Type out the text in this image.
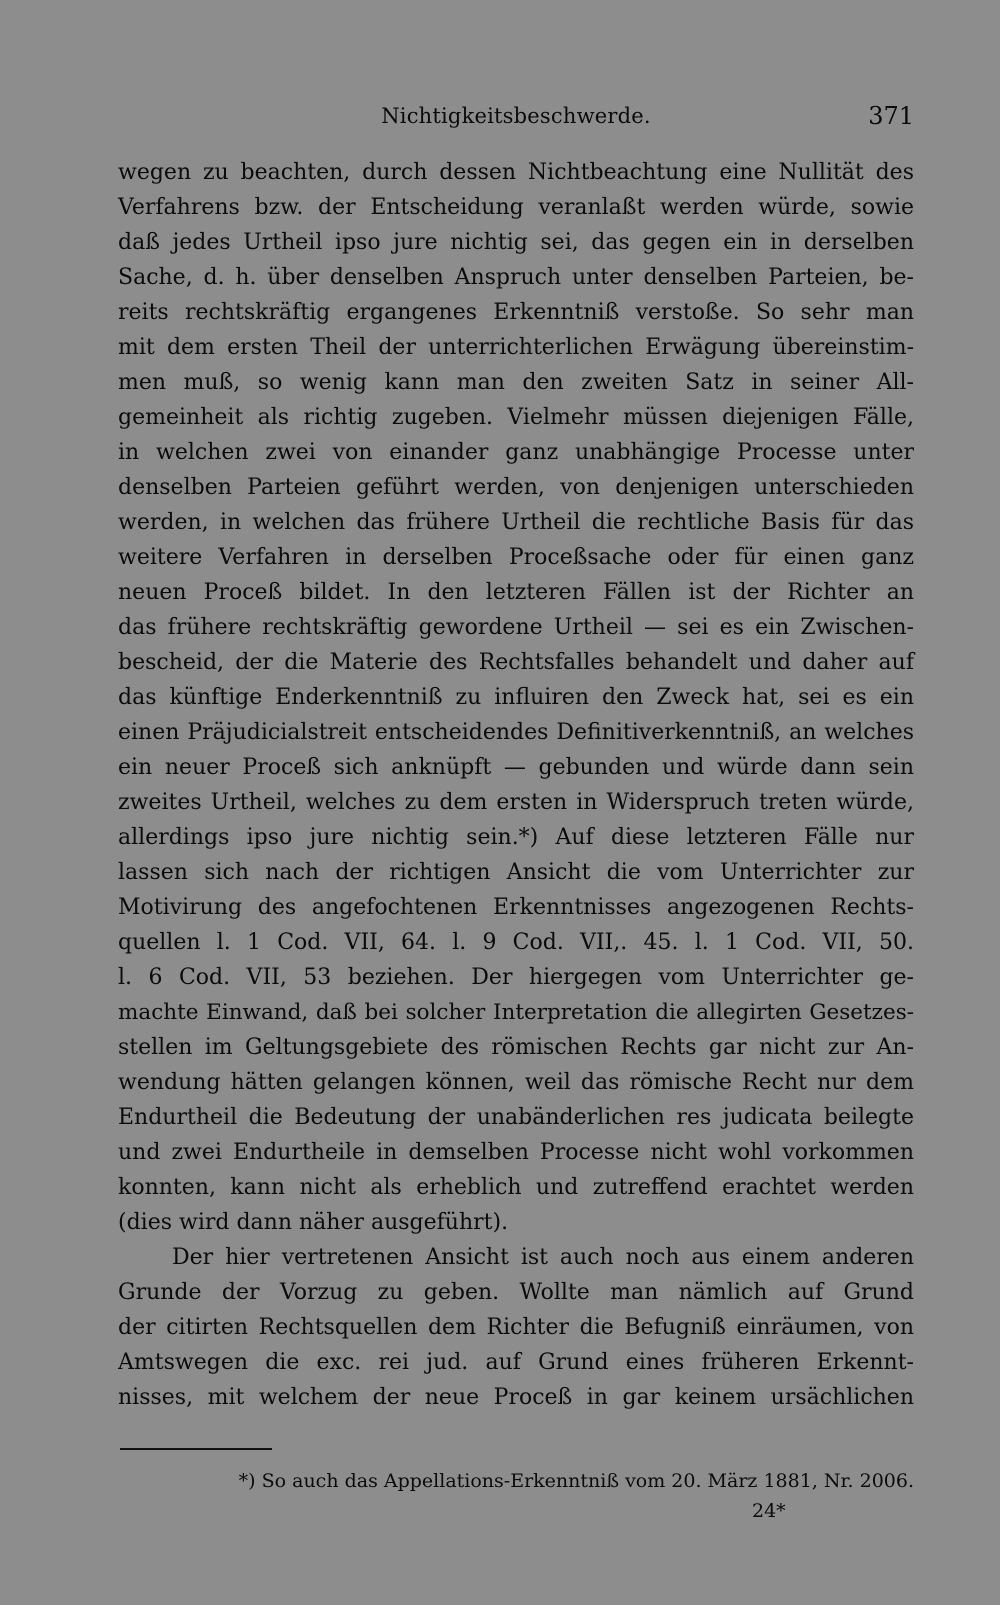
Nichtigkeitsbeschwerde.	371
wegen zu beachten, durch dessen Nichtbeachtung eine Nullität des
Verfahrens bzw. der Entscheidung veranlaßt werden würde, sowie
daß jedes Urtheil ipso jure nichtig sei, das gegen ein in derselben
Sache, d. h. über denselben Anspruch unter denselben Parteien, be-
reits rechtskräftig ergangenes Erkenntniß verstoße. So sehr man
mit dem ersten Theil der unterrichterlichen Erwägung übereinstim-
men muß, so wenig kann man den zweiten Satz in seiner All-
gemeinheit als richtig zugeben. Vielmehr müssen diejenigen Fälle,
in welchen zwei von einander ganz unabhängige Processe unter
denselben Parteien geführt werden, von denjenigen unterschieden
werden, in welchen das frühere Urtheil die rechtliche Basis für das
weitere Verfahren in derselben Proceßsache oder für einen ganz
neuen Proceß bildet. In den letzteren Fällen ist der Richter an
das frühere rechtskräftig gewordene Urtheil — sei es ein Zwischen-
bescheid, der die Materie des Rechtsfalles behandelt und daher auf
das künftige Enderkenntniß zu influiren den Zweck hat, sei es ein
einen Präjudicialstreit entscheidendes Definitiverkenntniß, an welches
ein neuer Proceß sich anknüpft — gebunden und würde dann sein
zweites Urtheil, welches zu dem ersten in Widerspruch treten würde,
allerdings ipso jure nichtig sein.*) Auf diese letzteren Fälle nur
lassen sich nach der richtigen Ansicht die vom Unterrichter zur
Motivirung des angefochtenen Erkenntnisses angezogenen Rechts-
quellen l. 1 Cod. VII, 64. l. 9 Cod. VII,. 45. l. 1 Cod. VII, 50.
l. 6 Cod. VII, 53 beziehen. Der hiergegen vom Unterrichter ge-
machte Einwand, daß bei solcher Interpretation die allegirten Gesetzes-
stellen im Geltungsgebiete des römischen Rechts gar nicht zur An-
wendung hätten gelangen können, weil das römische Recht nur dem
Endurtheil die Bedeutung der unabänderlichen res judicata beilegte
und zwei Endurtheile in demselben Processe nicht wohl vorkommen
konnten, kann nicht als erheblich und zutreffend erachtet werden
(dies wird dann näher ausgeführt).
Der hier vertretenen Ansicht ist auch noch aus einem anderen
Grunde der Vorzug zu geben. Wollte man nämlich auf Grund
der citirten Rechtsquellen dem Richter die Befugniß einräumen, von
Amtswegen die exc. rei jud. auf Grund eines früheren Erkennt-
nisses, mit welchem der neue Proceß in gar keinem ursächlichen
*) So auch das Appellations-Erkenntniß vom 20. März 1881, Nr. 2006.
24*
